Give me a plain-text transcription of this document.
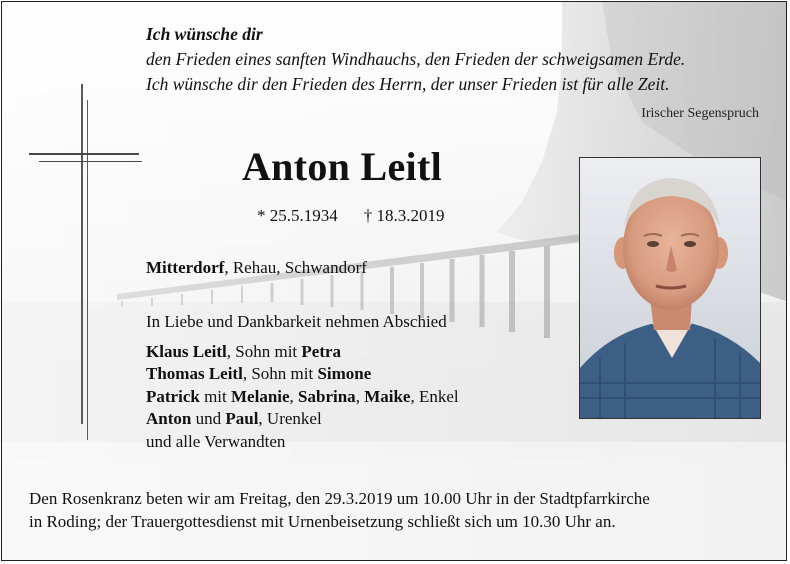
Ich wünsche dir
den Frieden eines sanften Windhauchs, den Frieden der schweigsamen Erde.
Ich wünsche dir den Frieden des Herrn, der unser Frieden ist für alle Zeit.
Irischer Segenspruch
Anton Leitl
* 25.5.1934 † 18.3.2019
Mitterdorf, Rehau, Schwandorf
In Liebe und Dankbarkeit nehmen Abschied
Klaus Leitl, Sohn mit Petra
Thomas Leitl, Sohn mit Simone
Patrick mit Melanie, Sabrina, Maike, Enkel
Anton und Paul, Urenkel
und alle Verwandten
Den Rosenkranz beten wir am Freitag, den 29.3.2019 um 10.00 Uhr in der Stadtpfarrkirche
in Roding; der Trauergottesdienst mit Urnenbeisetzung schließt sich um 10.30 Uhr an.
